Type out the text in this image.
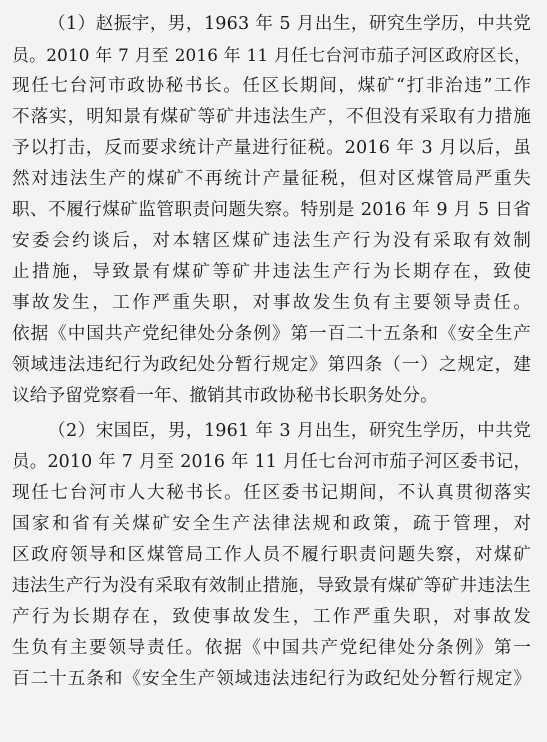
（1）赵振宇，男，1963 年 5 月出生，研究生学历，中共党
员。2010 年 7 月至 2016 年 11 月任七台河市茄子河区政府区长，
现任七台河市政协秘书长。任区长期间，煤矿“打非治违”工作
不落实，明知景有煤矿等矿井违法生产，不但没有采取有力措施
予以打击，反而要求统计产量进行征税。2016 年 3 月以后，虽
然对违法生产的煤矿不再统计产量征税，但对区煤管局严重失
职、不履行煤矿监管职责问题失察。特别是 2016 年 9 月 5 日省
安委会约谈后，对本辖区煤矿违法生产行为没有采取有效制
止措施，导致景有煤矿等矿井违法生产行为长期存在，致使
事故发生，工作严重失职，对事故发生负有主要领导责任。
依据《中国共产党纪律处分条例》第一百二十五条和《安全生产
领域违法违纪行为政纪处分暂行规定》第四条（一）之规定，建
议给予留党察看一年、撤销其市政协秘书长职务处分。
（2）宋国臣，男，1961 年 3 月出生，研究生学历，中共党
员。2010 年 7 月至 2016 年 11 月任七台河市茄子河区委书记，
现任七台河市人大秘书长。任区委书记期间，不认真贯彻落实
国家和省有关煤矿安全生产法律法规和政策，疏于管理，对
区政府领导和区煤管局工作人员不履行职责问题失察，对煤矿
违法生产行为没有采取有效制止措施，导致景有煤矿等矿井违法生
产行为长期存在，致使事故发生，工作严重失职，对事故发
生负有主要领导责任。依据《中国共产党纪律处分条例》第一
百二十五条和《安全生产领域违法违纪行为政纪处分暂行规定》
